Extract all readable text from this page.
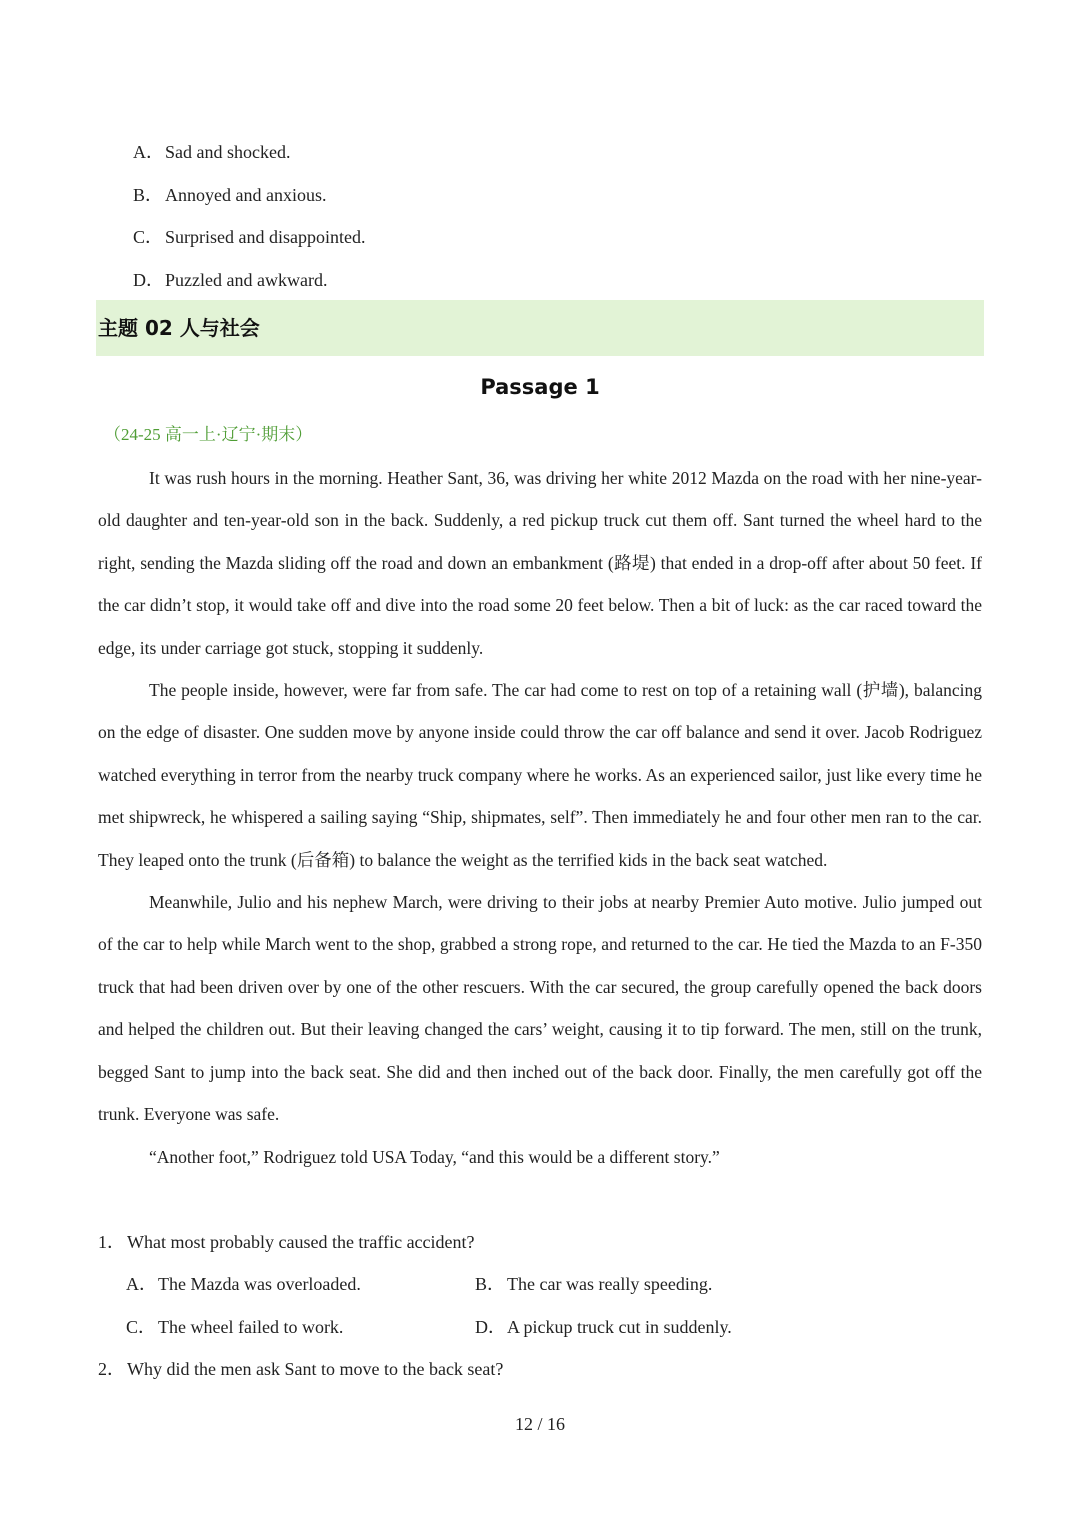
A．Sad and shocked.
B． Annoyed and anxious.
C． Surprised and disappointed.
D．Puzzled and awkward.
主题 02 人与社会
Passage 1
（24-25 高一上·辽宁·期末）

It was rush hours in the morning. Heather Sant, 36, was driving her white 2012 Mazda on the road with her nine-year-old daughter and ten-year-old son in the back. Suddenly, a red pickup truck cut them off. Sant turned the wheel hard to the right, sending the Mazda sliding off the road and down an embankment (路堤) that ended in a drop-off after about 50 feet. If the car didn’t stop, it would take off and dive into the road some 20 feet below. Then a bit of luck: as the car raced toward the edge, its under carriage got stuck, stopping it suddenly.

The people inside, however, were far from safe. The car had come to rest on top of a retaining wall (护墙), balancing on the edge of disaster. One sudden move by anyone inside could throw the car off balance and send it over. Jacob Rodriguez watched everything in terror from the nearby truck company where he works. As an experienced sailor, just like every time he met shipwreck, he whispered a sailing saying “Ship, shipmates, self”. Then immediately he and four other men ran to the car. They leaped onto the trunk (后备箱) to balance the weight as the terrified kids in the back seat watched.

Meanwhile, Julio and his nephew March, were driving to their jobs at nearby Premier Auto motive. Julio jumped out of the car to help while March went to the shop, grabbed a strong rope, and returned to the car. He tied the Mazda to an F-350 truck that had been driven over by one of the other rescuers. With the car secured, the group carefully opened the back doors and helped the children out. But their leaving changed the cars’ weight, causing it to tip forward. The men, still on the trunk, begged Sant to jump into the back seat. She did and then inched out of the back door. Finally, the men carefully got off the trunk. Everyone was safe.

“Another foot,” Rodriguez told USA Today, “and this would be a different story.”

1． What most probably caused the traffic accident?
A．The Mazda was overloaded.	B． The car was really speeding.
C． The wheel failed to work.	D．A pickup truck cut in suddenly.
2． Why did the men ask Sant to move to the back seat?
12 / 16
